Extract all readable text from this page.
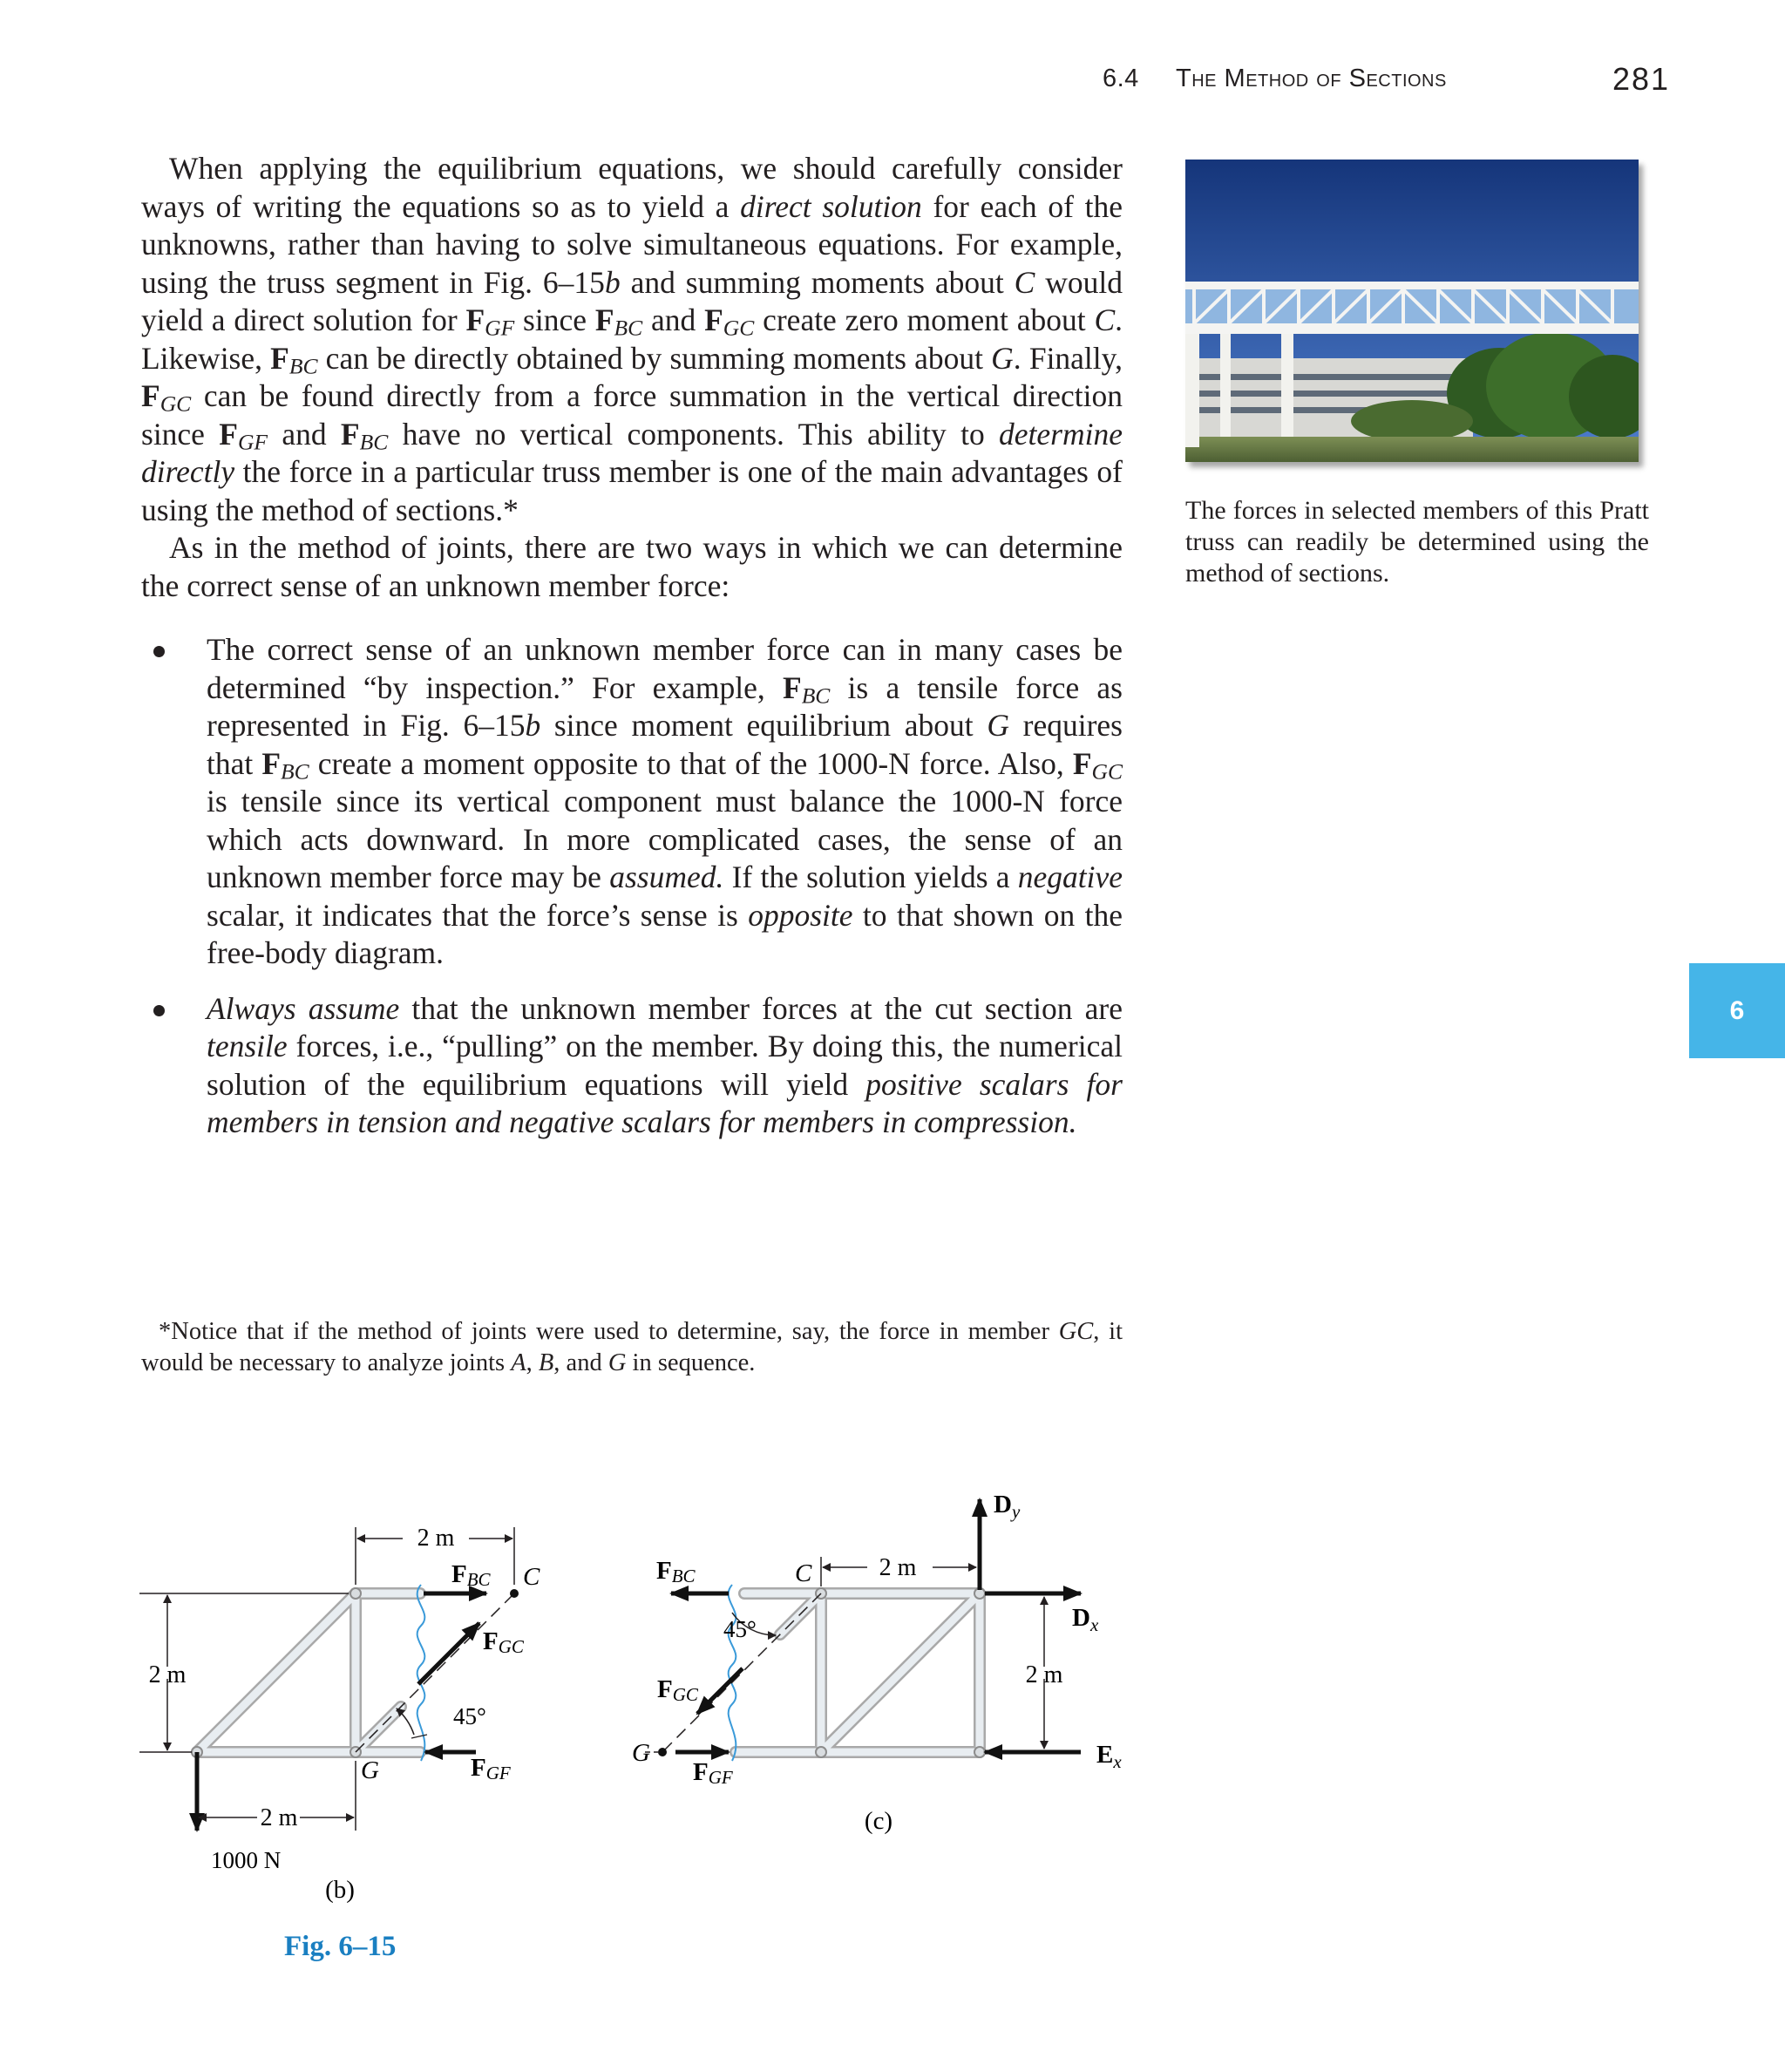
6.4 The Method of Sections	281

When applying the equilibrium equations, we should carefully consider ways of writing the equations so as to yield a direct solution for each of the unknowns, rather than having to solve simultaneous equations. For example, using the truss segment in Fig. 6–15b and summing moments about C would yield a direct solution for $F_{GF}$ since $F_{BC}$ and $F_{GC}$ create zero moment about C. Likewise, $F_{BC}$ can be directly obtained by summing moments about G. Finally, $F_{GC}$ can be found directly from a force summation in the vertical direction since $F_{GF}$ and $F_{BC}$ have no vertical components. This ability to determine directly the force in a particular truss member is one of the main advantages of using the method of sections.*

As in the method of joints, there are two ways in which we can determine the correct sense of an unknown member force:

The correct sense of an unknown member force can in many cases be determined “by inspection.” For example, $F_{BC}$ is a tensile force as represented in Fig. 6–15b since moment equilibrium about G requires that $F_{BC}$ create a moment opposite to that of the 1000-N force. Also, $F_{GC}$ is tensile since its vertical component must balance the 1000-N force which acts downward. In more complicated cases, the sense of an unknown member force may be assumed. If the solution yields a negative scalar, it indicates that the force’s sense is opposite to that shown on the free-body diagram.
Always assume that the unknown member forces at the cut section are tensile forces, i.e., “pulling” on the member. By doing this, the numerical solution of the equilibrium equations will yield positive scalars for members in tension and negative scalars for members in compression.
*Notice that if the method of joints were used to determine, say, the force in member GC, it would be necessary to analyze joints A, B, and G in sequence.
The forces in selected members of this Pratt truss can readily be determined using the method of sections.
6
2 m
2 m
2 m
1000 N
C
G
45°
FBC
FGC
FGF
(b)
2 m
2 m
C
G
45°
FBC
FGC
FGF
$D_y$
$D_x$
$E_x$
(c)
Fig. 6–15
